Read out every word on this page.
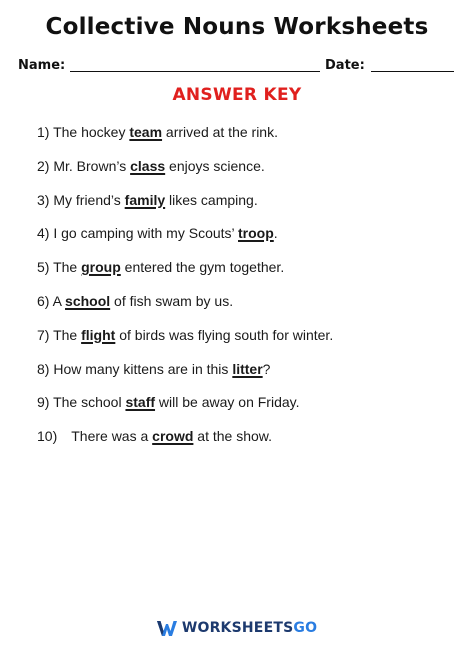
Collective Nouns Worksheets
Name:	Date:
ANSWER KEY
1) The hockey team arrived at the rink.
2) Mr. Brown’s class enjoys science.
3) My friend’s family likes camping.
4) I go camping with my Scouts’ troop.
5) The group entered the gym together.
6) A school of fish swam by us.
7) The flight of birds was flying south for winter.
8) How many kittens are in this litter?
9) The school staff will be away on Friday.
10) There was a crowd at the show.
WORKSHEETSGO
